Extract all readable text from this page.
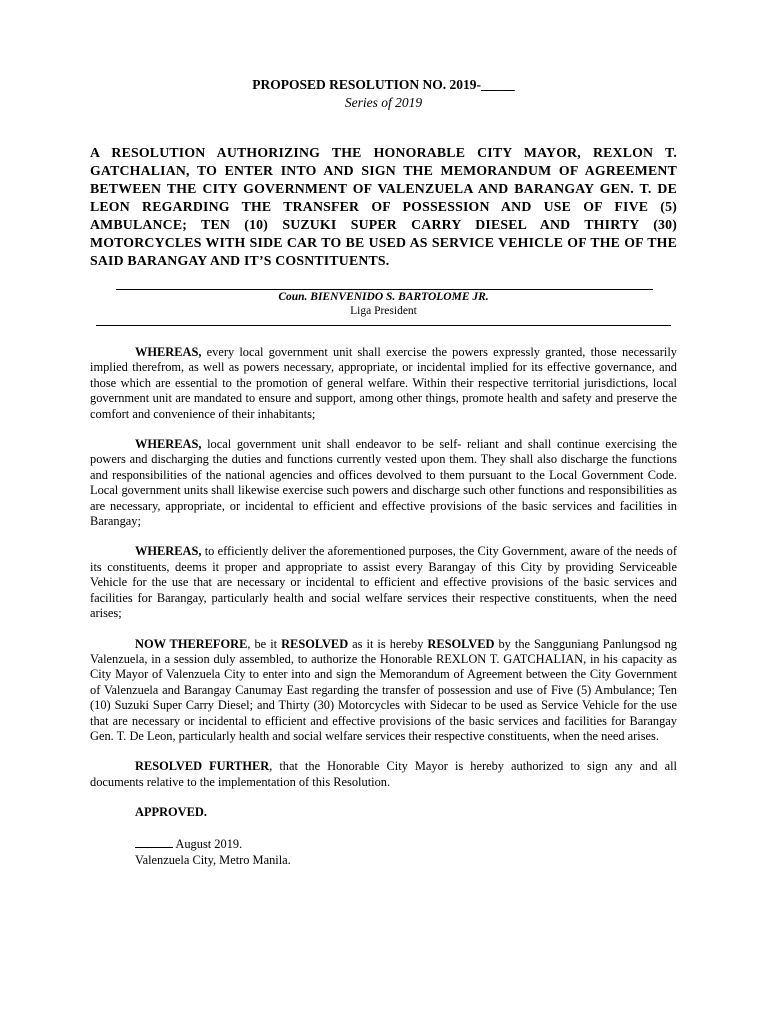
PROPOSED RESOLUTION NO. 2019-_____
Series of 2019
A RESOLUTION AUTHORIZING THE HONORABLE CITY MAYOR, REXLON T. GATCHALIAN, TO ENTER INTO AND SIGN THE MEMORANDUM OF AGREEMENT BETWEEN THE CITY GOVERNMENT OF VALENZUELA AND BARANGAY GEN. T. DE LEON REGARDING THE TRANSFER OF POSSESSION AND USE OF FIVE (5) AMBULANCE; TEN (10) SUZUKI SUPER CARRY DIESEL AND THIRTY (30) MOTORCYCLES WITH SIDE CAR TO BE USED AS SERVICE VEHICLE OF THE OF THE SAID BARANGAY AND IT’S COSNTITUENTS.
Coun. BIENVENIDO S. BARTOLOME JR.
Liga President

WHEREAS, every local government unit shall exercise the powers expressly granted, those necessarily implied therefrom, as well as powers necessary, appropriate, or incidental implied for its effective governance, and those which are essential to the promotion of general welfare. Within their respective territorial jurisdictions, local government unit are mandated to ensure and support, among other things, promote health and safety and preserve the comfort and convenience of their inhabitants;

WHEREAS, local government unit shall endeavor to be self- reliant and shall continue exercising the powers and discharging the duties and functions currently vested upon them. They shall also discharge the functions and responsibilities of the national agencies and offices devolved to them pursuant to the Local Government Code. Local government units shall likewise exercise such powers and discharge such other functions and responsibilities as are necessary, appropriate, or incidental to efficient and effective provisions of the basic services and facilities in Barangay;

WHEREAS, to efficiently deliver the aforementioned purposes, the City Government, aware of the needs of its constituents, deems it proper and appropriate to assist every Barangay of this City by providing Serviceable Vehicle for the use that are necessary or incidental to efficient and effective provisions of the basic services and facilities for Barangay, particularly health and social welfare services their respective constituents, when the need arises;

NOW THEREFORE, be it RESOLVED as it is hereby RESOLVED by the Sangguniang Panlungsod ng Valenzuela, in a session duly assembled, to authorize the Honorable REXLON T. GATCHALIAN, in his capacity as City Mayor of Valenzuela City to enter into and sign the Memorandum of Agreement between the City Government of Valenzuela and Barangay Canumay East regarding the transfer of possession and use of Five (5) Ambulance; Ten (10) Suzuki Super Carry Diesel; and Thirty (30) Motorcycles with Sidecar to be used as Service Vehicle for the use that are necessary or incidental to efficient and effective provisions of the basic services and facilities for Barangay Gen. T. De Leon, particularly health and social welfare services their respective constituents, when the need arises.

RESOLVED FURTHER, that the Honorable City Mayor is hereby authorized to sign any and all documents relative to the implementation of this Resolution.

APPROVED.
August 2019.
Valenzuela City, Metro Manila.
